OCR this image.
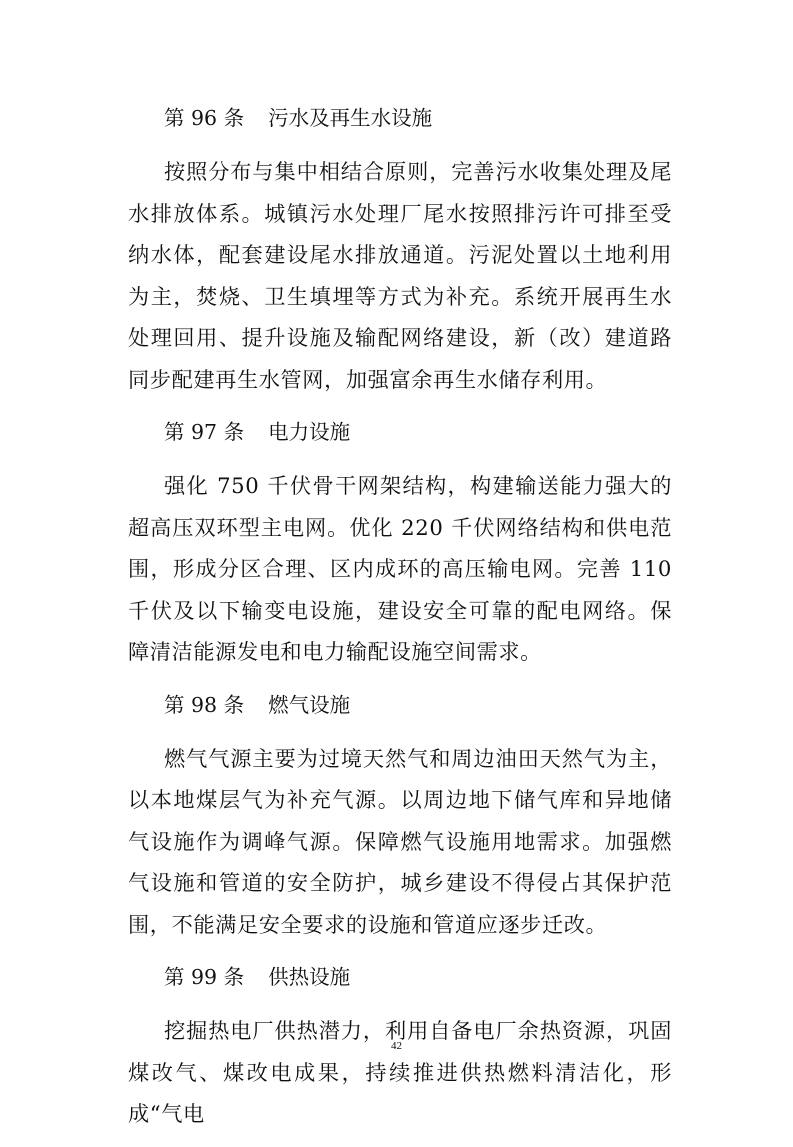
第 96 条 污水及再生水设施

按照分布与集中相结合原则，完善污水收集处理及尾水排放体系。城镇污水处理厂尾水按照排污许可排至受纳水体，配套建设尾水排放通道。污泥处置以土地利用为主，焚烧、卫生填埋等方式为补充。系统开展再生水处理回用、提升设施及输配网络建设，新（改）建道路同步配建再生水管网，加强富余再生水储存利用。

第 97 条 电力设施

强化 750 千伏骨干网架结构，构建输送能力强大的超高压双环型主电网。优化 220 千伏网络结构和供电范围，形成分区合理、区内成环的高压输电网。完善 110 千伏及以下输变电设施，建设安全可靠的配电网络。保障清洁能源发电和电力输配设施空间需求。

第 98 条 燃气设施

燃气气源主要为过境天然气和周边油田天然气为主，以本地煤层气为补充气源。以周边地下储气库和异地储气设施作为调峰气源。保障燃气设施用地需求。加强燃气设施和管道的安全防护，城乡建设不得侵占其保护范围，不能满足安全要求的设施和管道应逐步迁改。

第 99 条 供热设施

挖掘热电厂供热潜力，利用自备电厂余热资源，巩固煤改气、煤改电成果，持续推进供热燃料清洁化，形成“气电

42
